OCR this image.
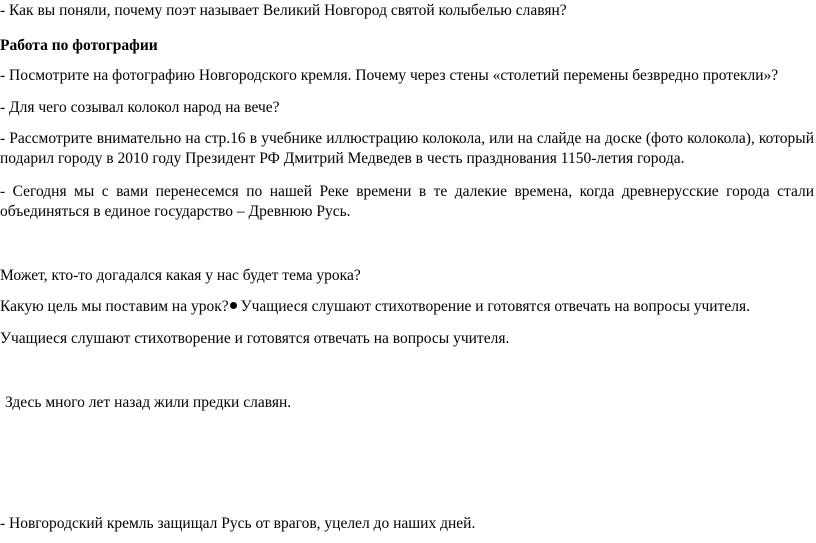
- Как вы поняли, почему поэт называет Великий Новгород святой колыбелью славян?

Работа по фотографии

- Посмотрите на фотографию Новгородского кремля. Почему через стены «столетий перемены безвредно протекли»?

- Для чего созывал колокол народ на вече?

- Рассмотрите внимательно на стр.16 в учебнике иллюстрацию колокола, или на слайде на доске (фото колокола), который
подарил городу в 2010 году Президент РФ Дмитрий Медведев в честь празднования 1150-летия города.

- Сегодня мы с вами перенесемся по нашей Реке времени в те далекие времена, когда древнерусские города стали
объединяться в единое государство – Древнюю Русь.

Может, кто-то догадался какая у нас будет тема урока?

Какую цель мы поставим на урок? Учащиеся слушают стихотворение и готовятся отвечать на вопросы учителя.

Учащиеся слушают стихотворение и готовятся отвечать на вопросы учителя.

Здесь много лет назад жили предки славян.

- Новгородский кремль защищал Русь от врагов, уцелел до наших дней.
